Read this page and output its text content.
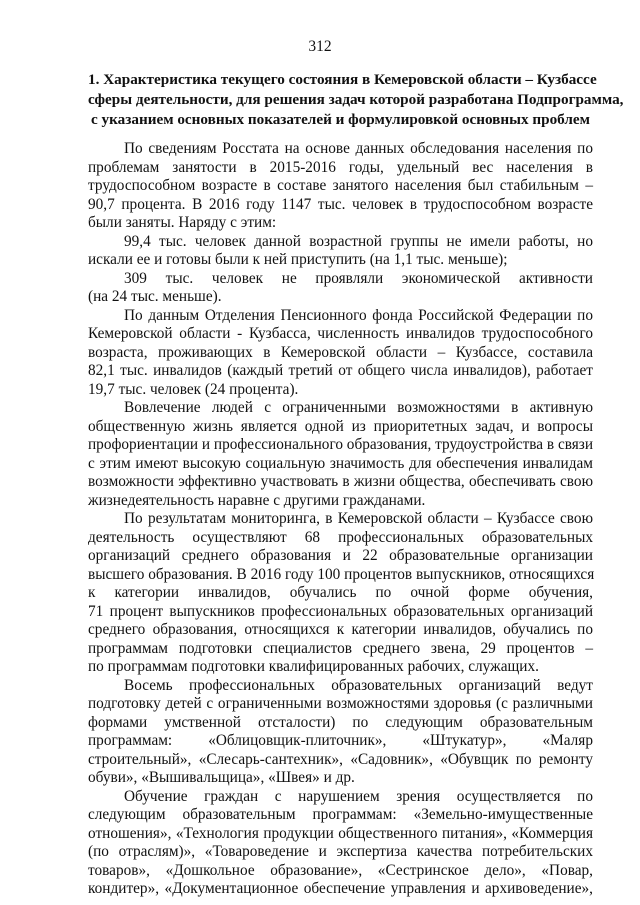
312
1. Характеристика текущего состояния в Кемеровской области – Кузбассе
сферы деятельности, для решения задач которой разработана Подпрограмма,
с указанием основных показателей и формулировкой основных проблем
По сведениям Росстата на основе данных обследования населения по
проблемам занятости в 2015-2016 годы, удельный вес населения в
трудоспособном возрасте в составе занятого населения был стабильным –
90,7 процента. В 2016 году 1147 тыс. человек в трудоспособном возрасте
были заняты. Наряду с этим:
99,4 тыс. человек данной возрастной группы не имели работы, но
искали ее и готовы были к ней приступить (на 1,1 тыс. меньше);
309 тыс. человек не проявляли экономической активности
(на 24 тыс. меньше).
По данным Отделения Пенсионного фонда Российской Федерации по
Кемеровской области - Кузбасса, численность инвалидов трудоспособного
возраста, проживающих в Кемеровской области – Кузбассе, составила
82,1 тыс. инвалидов (каждый третий от общего числа инвалидов), работает
19,7 тыс. человек (24 процента).
Вовлечение людей с ограниченными возможностями в активную
общественную жизнь является одной из приоритетных задач, и вопросы
профориентации и профессионального образования, трудоустройства в связи
с этим имеют высокую социальную значимость для обеспечения инвалидам
возможности эффективно участвовать в жизни общества, обеспечивать свою
жизнедеятельность наравне с другими гражданами.
По результатам мониторинга, в Кемеровской области – Кузбассе свою
деятельность осуществляют 68 профессиональных образовательных
организаций среднего образования и 22 образовательные организации
высшего образования. В 2016 году 100 процентов выпускников, относящихся
к категории инвалидов, обучались по очной форме обучения,
71 процент выпускников профессиональных образовательных организаций
среднего образования, относящихся к категории инвалидов, обучались по
программам подготовки специалистов среднего звена, 29 процентов –
по программам подготовки квалифицированных рабочих, служащих.
Восемь профессиональных образовательных организаций ведут
подготовку детей с ограниченными возможностями здоровья (с различными
формами умственной отсталости) по следующим образовательным
программам: «Облицовщик-плиточник», «Штукатур», «Маляр
строительный», «Слесарь-сантехник», «Садовник», «Обувщик по ремонту
обуви», «Вышивальщица», «Швея» и др.
Обучение граждан с нарушением зрения осуществляется по
следующим образовательным программам: «Земельно-имущественные
отношения», «Технология продукции общественного питания», «Коммерция
(по отраслям)», «Товароведение и экспертиза качества потребительских
товаров», «Дошкольное образование», «Сестринское дело», «Повар,
кондитер», «Документационное обеспечение управления и архивоведение»,
